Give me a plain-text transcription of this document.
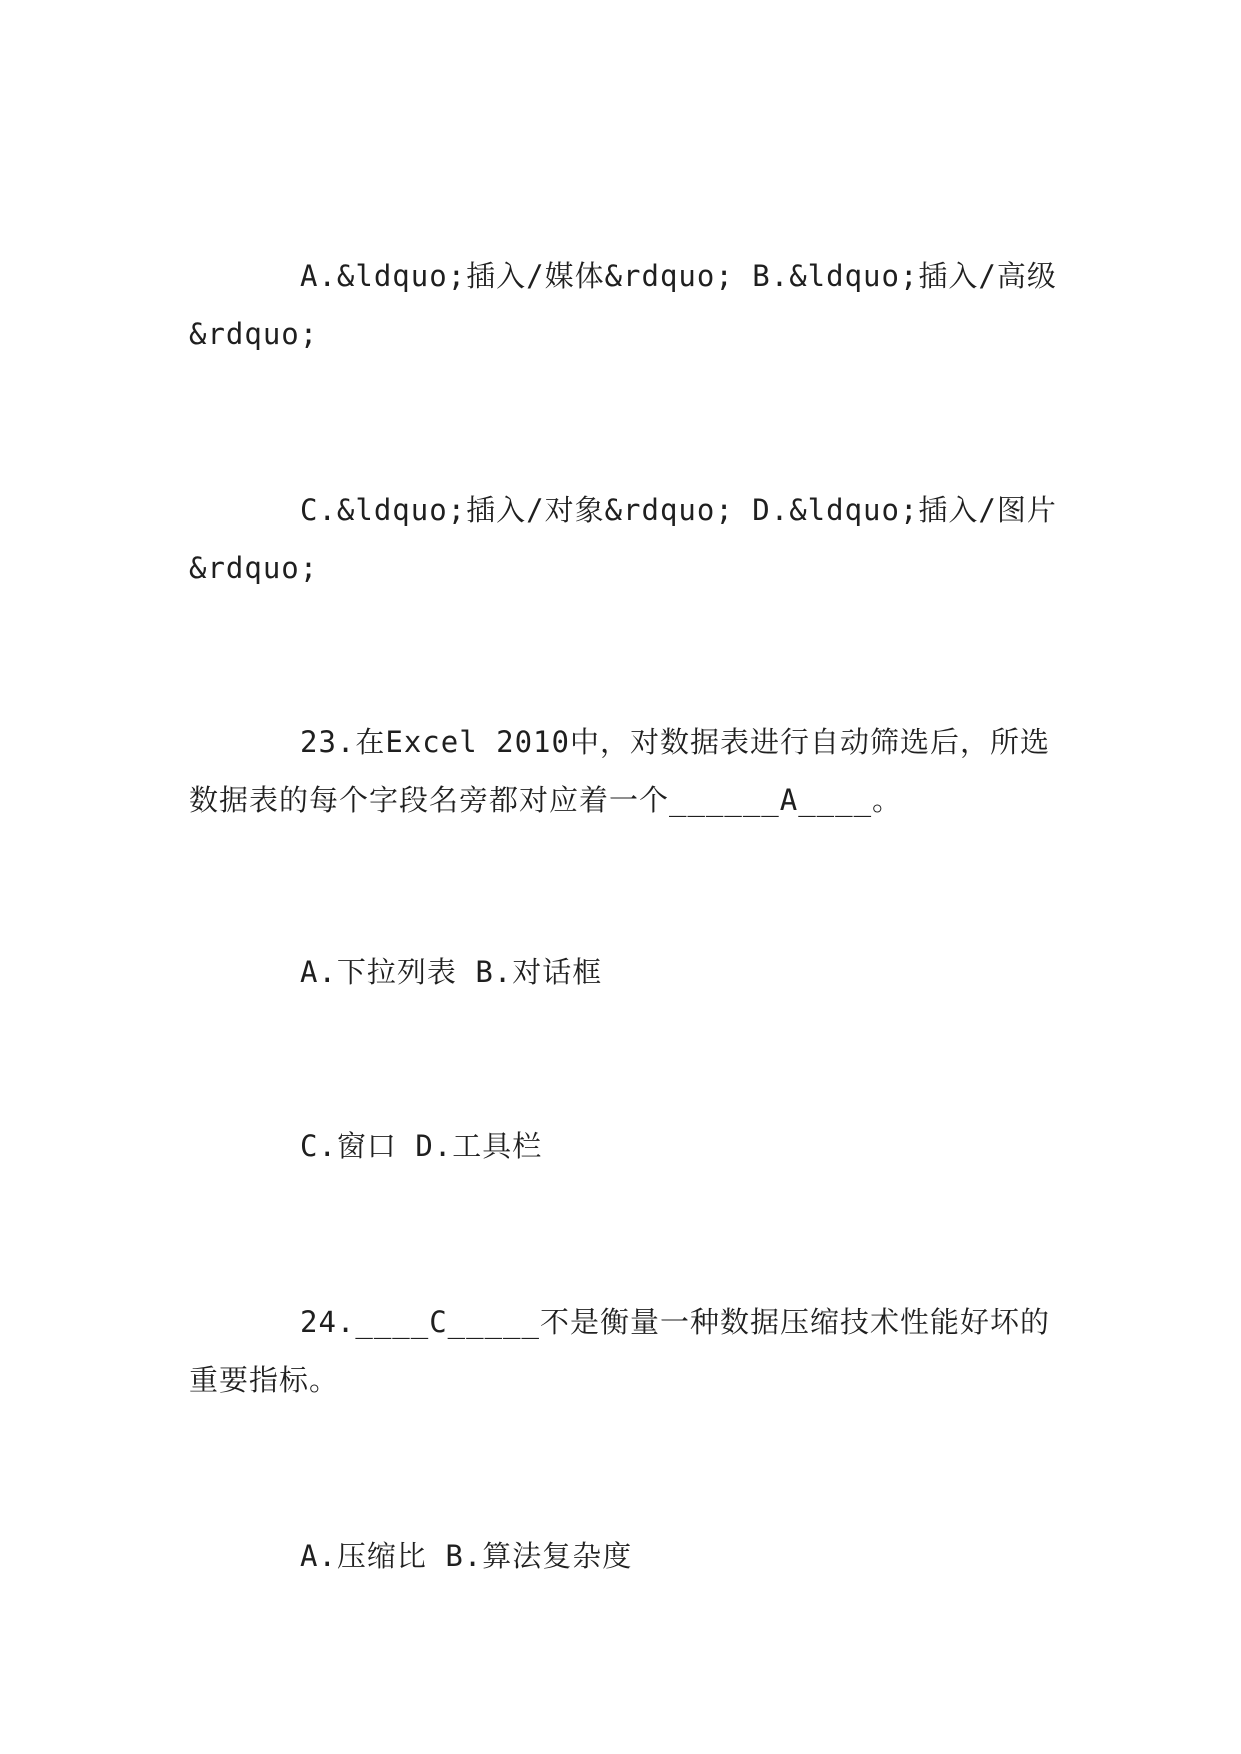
A.&ldquo;插入/媒体&rdquo; B.&ldquo;插入/高级&rdquo;

C.&ldquo;插入/对象&rdquo; D.&ldquo;插入/图片&rdquo;

23.在Excel 2010中，对数据表进行自动筛选后，所选数据表的每个字段名旁都对应着一个______A____。

A.下拉列表 B.对话框

C.窗口 D.工具栏

24.____C_____不是衡量一种数据压缩技术性能好坏的重要指标。

A.压缩比 B.算法复杂度
